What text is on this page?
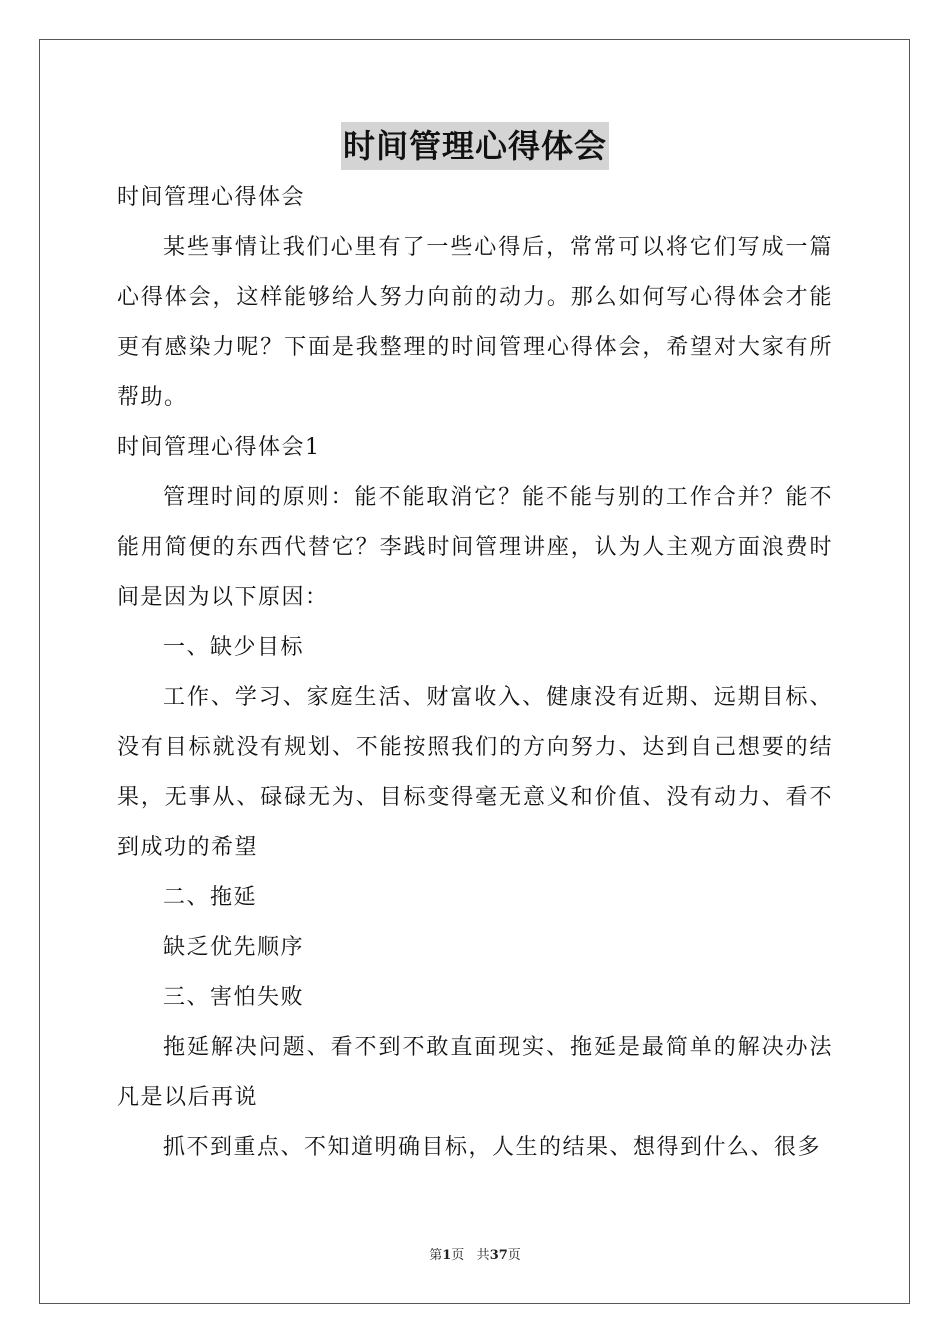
时间管理心得体会

时间管理心得体会

某些事情让我们心里有了一些心得后，常常可以将它们写成一篇心得体会，这样能够给人努力向前的动力。那么如何写心得体会才能更有感染力呢？下面是我整理的时间管理心得体会，希望对大家有所帮助。

时间管理心得体会1

管理时间的原则：能不能取消它？能不能与别的工作合并？能不能用简便的东西代替它？李践时间管理讲座，认为人主观方面浪费时间是因为以下原因：

一、缺少目标

工作、学习、家庭生活、财富收入、健康没有近期、远期目标、没有目标就没有规划、不能按照我们的方向努力、达到自己想要的结果，无事从、碌碌无为、目标变得毫无意义和价值、没有动力、看不到成功的希望

二、拖延

缺乏优先顺序

三、害怕失败

拖延解决问题、看不到不敢直面现实、拖延是最简单的解决办法凡是以后再说

抓不到重点、不知道明确目标，人生的结果、想得到什么、很多

第1页 共37页
